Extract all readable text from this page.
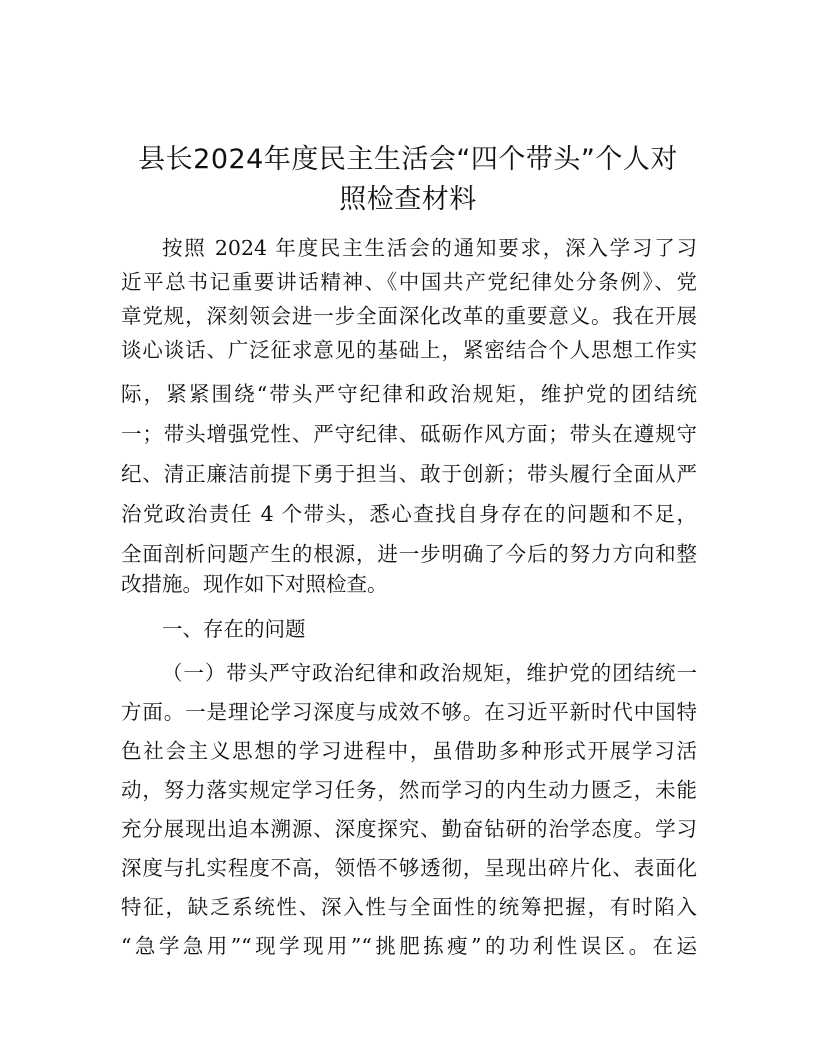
县长2024年度民主生活会“四个带头”个人对
照检查材料
按照 2024 年度民主生活会的通知要求，深入学习了习
近平总书记重要讲话精神、《中国共产党纪律处分条例》、党
章党规，深刻领会进一步全面深化改革的重要意义。我在开展
谈心谈话、广泛征求意见的基础上，紧密结合个人思想工作实
际，紧紧围绕“带头严守纪律和政治规矩，维护党的团结统
一；带头增强党性、严守纪律、砥砺作风方面；带头在遵规守
纪、清正廉洁前提下勇于担当、敢于创新；带头履行全面从严
治党政治责任 4 个带头，悉心查找自身存在的问题和不足，
全面剖析问题产生的根源，进一步明确了今后的努力方向和整
改措施。现作如下对照检查。
一、存在的问题
（一）带头严守政治纪律和政治规矩，维护党的团结统一
方面。一是理论学习深度与成效不够。在习近平新时代中国特
色社会主义思想的学习进程中，虽借助多种形式开展学习活
动，努力落实规定学习任务，然而学习的内生动力匮乏，未能
充分展现出追本溯源、深度探究、勤奋钻研的治学态度。学习
深度与扎实程度不高，领悟不够透彻，呈现出碎片化、表面化
特征，缺乏系统性、深入性与全面性的统筹把握，有时陷入
“急学急用”“现学现用”“挑肥拣瘦”的功利性误区。在运
